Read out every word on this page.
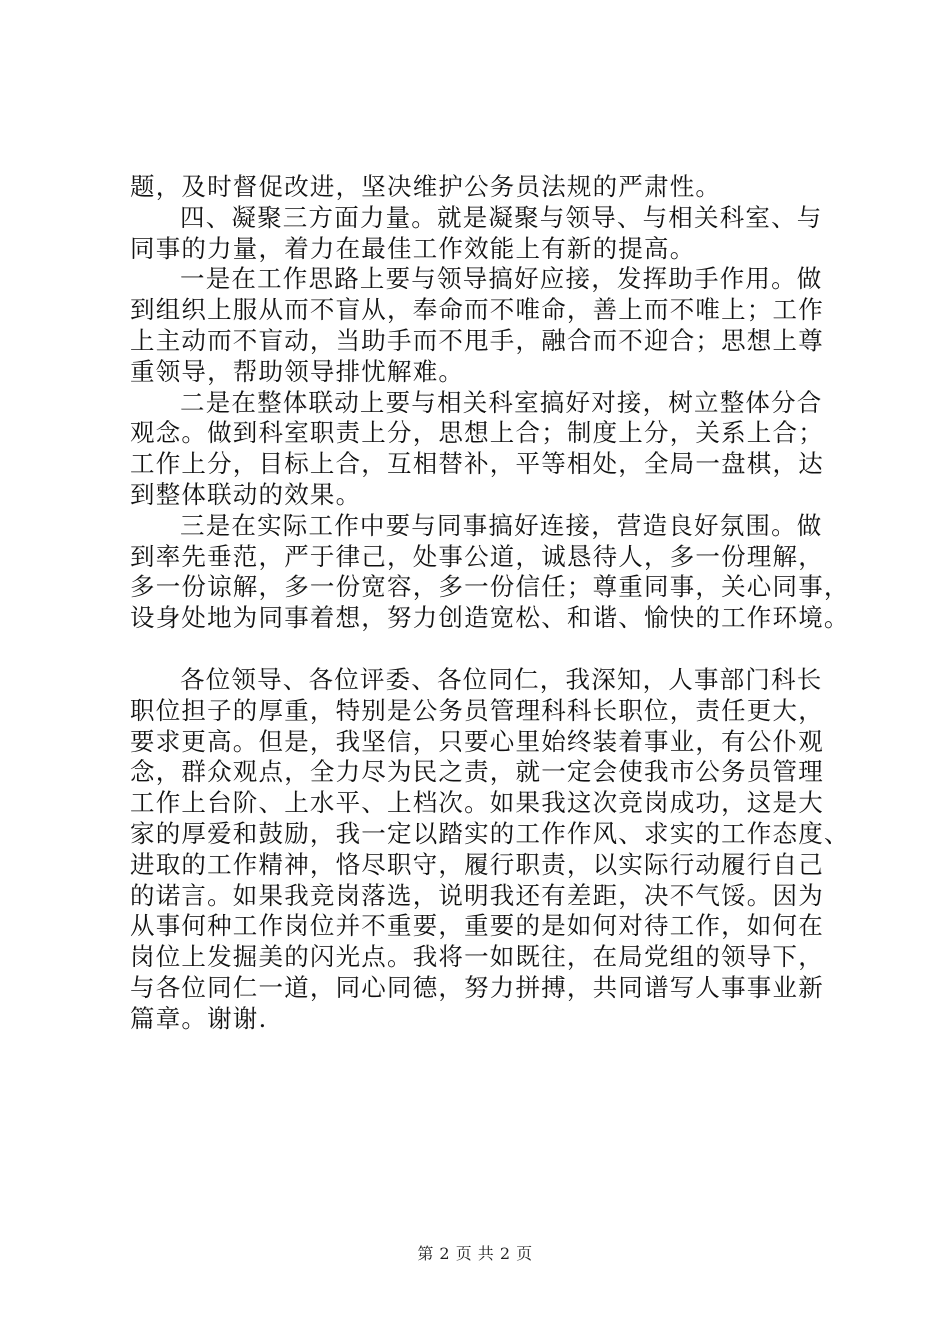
题，及时督促改进，坚决维护公务员法规的严肃性。
四、凝聚三方面力量。就是凝聚与领导、与相关科室、与
同事的力量，着力在最佳工作效能上有新的提高。
一是在工作思路上要与领导搞好应接，发挥助手作用。做
到组织上服从而不盲从，奉命而不唯命，善上而不唯上；工作
上主动而不盲动，当助手而不甩手，融合而不迎合；思想上尊
重领导，帮助领导排忧解难。
二是在整体联动上要与相关科室搞好对接，树立整体分合
观念。做到科室职责上分，思想上合；制度上分，关系上合；
工作上分，目标上合，互相替补，平等相处，全局一盘棋，达
到整体联动的效果。
三是在实际工作中要与同事搞好连接，营造良好氛围。做
到率先垂范，严于律己，处事公道，诚恳待人，多一份理解，
多一份谅解，多一份宽容，多一份信任；尊重同事，关心同事，
设身处地为同事着想，努力创造宽松、和谐、愉快的工作环境。
各位领导、各位评委、各位同仁，我深知，人事部门科长
职位担子的厚重，特别是公务员管理科科长职位，责任更大，
要求更高。但是，我坚信，只要心里始终装着事业，有公仆观
念，群众观点，全力尽为民之责，就一定会使我市公务员管理
工作上台阶、上水平、上档次。如果我这次竞岗成功，这是大
家的厚爱和鼓励，我一定以踏实的工作作风、求实的工作态度、
进取的工作精神，恪尽职守，履行职责，以实际行动履行自己
的诺言。如果我竞岗落选，说明我还有差距，决不气馁。因为
从事何种工作岗位并不重要，重要的是如何对待工作，如何在
岗位上发掘美的闪光点。我将一如既往，在局党组的领导下，
与各位同仁一道，同心同德，努力拼搏，共同谱写人事事业新
篇章。谢谢.
第 2 页 共 2 页
